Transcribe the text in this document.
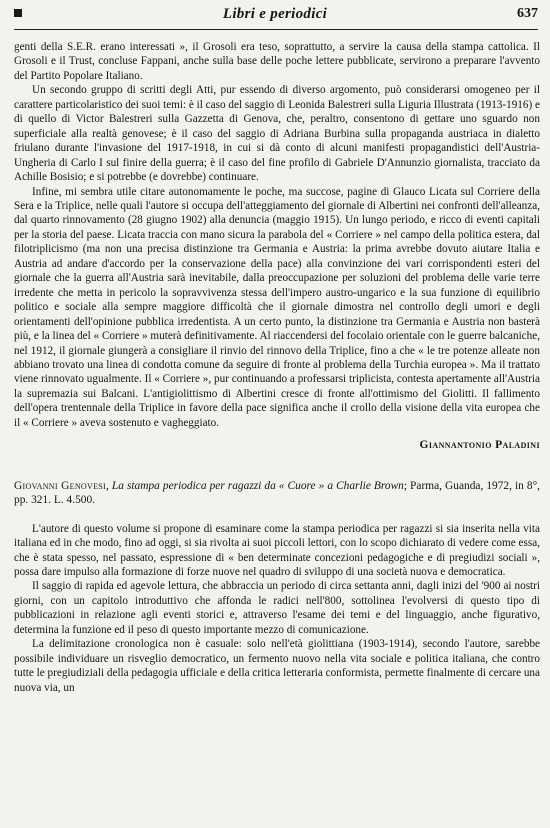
Libri e periodici	637

genti della S.E.R. erano interessati », il Grosoli era teso, soprattutto, a servire la causa della stampa cattolica. Il Grosoli e il Trust, concluse Fappani, anche sulla base delle poche lettere pubblicate, servirono a preparare l'avvento del Partito Popolare Italiano.

Un secondo gruppo di scritti degli Atti, pur essendo di diverso argomento, può considerarsi omogeneo per il carattere particolaristico dei suoi temi: è il caso del saggio di Leonida Balestreri sulla Liguria Illustrata (1913-1916) e di quello di Victor Balestreri sulla Gazzetta di Genova, che, peraltro, consentono di gettare uno sguardo non superficiale alla realtà genovese; è il caso del saggio di Adriana Burbina sulla propaganda austriaca in dialetto friulano durante l'invasione del 1917-1918, in cui si dà conto di alcuni manifesti propagandistici dell'Austria-Ungheria di Carlo I sul finire della guerra; è il caso del fine profilo di Gabriele D'Annunzio giornalista, tracciato da Achille Bosisio; e si potrebbe (e dovrebbe) continuare.

Infine, mi sembra utile citare autonomamente le poche, ma succose, pagine di Glauco Licata sul Corriere della Sera e la Triplice, nelle quali l'autore si occupa dell'atteggiamento del giornale di Albertini nei confronti dell'alleanza, dal quarto rinnovamento (28 giugno 1902) alla denuncia (maggio 1915). Un lungo periodo, e ricco di eventi capitali per la storia del paese. Licata traccia con mano sicura la parabola del « Corriere » nel campo della politica estera, dal filotriplicismo (ma non una precisa distinzione tra Germania e Austria: la prima avrebbe dovuto aiutare Italia e Austria ad andare d'accordo per la conservazione della pace) alla convinzione dei vari corrispondenti esteri del giornale che la guerra all'Austria sarà inevitabile, dalla preoccupazione per soluzioni del problema delle varie terre irredente che metta in pericolo la sopravvivenza stessa dell'impero austro-ungarico e la sua funzione di equilibrio politico e sociale alla sempre maggiore difficoltà che il giornale dimostra nel controllo degli umori e degli orientamenti dell'opinione pubblica irredentista. A un certo punto, la distinzione tra Germania e Austria non basterà più, e la linea del « Corriere » muterà definitivamente. Al riaccendersi del focolaio orientale con le guerre balcaniche, nel 1912, il giornale giungerà a consigliare il rinvio del rinnovo della Triplice, fino a che « le tre potenze alleate non abbiano trovato una linea di condotta comune da seguire di fronte al problema della Turchia europea ». Ma il trattato viene rinnovato ugualmente. Il « Corriere », pur continuando a professarsi triplicista, contesta apertamente all'Austria la supremazia sui Balcani. L'antigiolittismo di Albertini cresce di fronte all'ottimismo del Giolitti. Il fallimento dell'opera trentennale della Triplice in favore della pace significa anche il crollo della visione della vita europea che il « Corriere » aveva sostenuto e vagheggiato.

Giannantonio Paladini

Giovanni Genovesi, La stampa periodica per ragazzi da « Cuore » a Charlie Brown; Parma, Guanda, 1972, in 8°, pp. 321. L. 4.500.

L'autore di questo volume si propone di esaminare come la stampa periodica per ragazzi si sia inserita nella vita italiana ed in che modo, fino ad oggi, si sia rivolta ai suoi piccoli lettori, con lo scopo dichiarato di vedere come essa, che è stata spesso, nel passato, espressione di « ben determinate concezioni pedagogiche e di pregiudizi sociali », possa dare impulso alla formazione di forze nuove nel quadro di sviluppo di una società nuova e democratica.

Il saggio di rapida ed agevole lettura, che abbraccia un periodo di circa settanta anni, dagli inizi del '900 ai nostri giorni, con un capitolo introduttivo che affonda le radici nell'800, sottolinea l'evolversi di questo tipo di pubblicazioni in relazione agli eventi storici e, attraverso l'esame dei temi e del linguaggio, anche figurativo, determina la funzione ed il peso di questo importante mezzo di comunicazione.

La delimitazione cronologica non è casuale: solo nell'età giolittiana (1903-1914), secondo l'autore, sarebbe possibile individuare un risveglio democratico, un fermento nuovo nella vita sociale e politica italiana, che contro tutte le pregiudiziali della pedagogia ufficiale e della critica letteraria conformista, permette finalmente di cercare una nuova via, un
